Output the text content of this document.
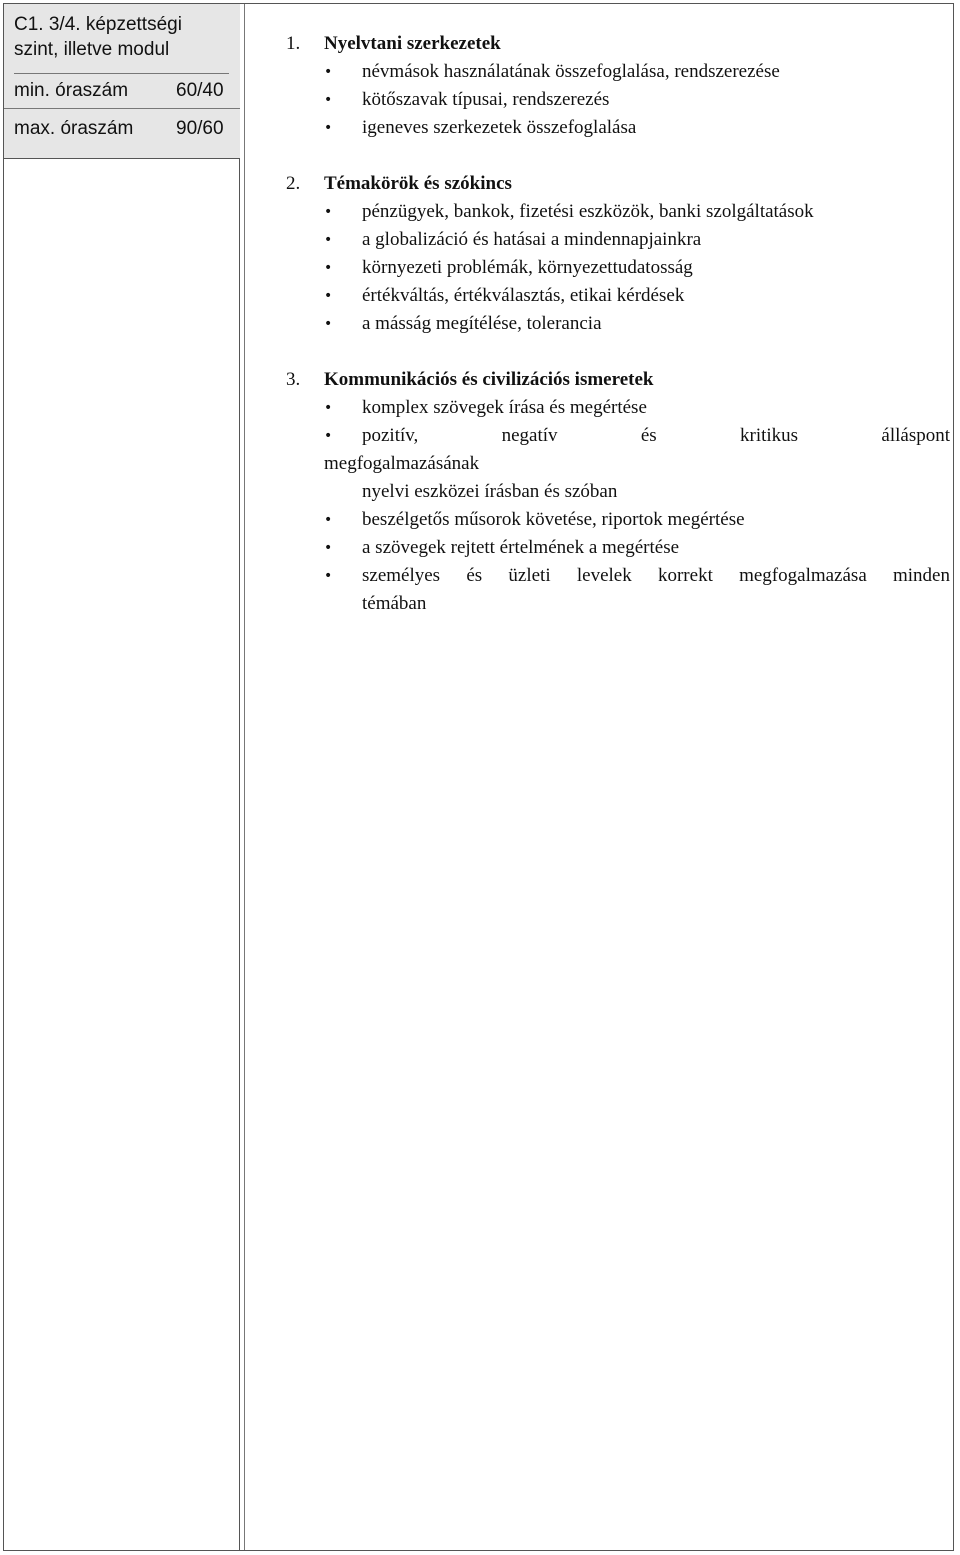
C1. 3/4. képzettségi szint, illetve modul
min. óraszám	60/40
max. óraszám 90/60
1.	Nyelvtani szerkezetek
• névmások használatának összefoglalása, rendszerezése
• kötőszavak típusai, rendszerezés
• igeneves szerkezetek összefoglalása
2.	Témakörök és szókincs
• pénzügyek, bankok, fizetési eszközök, banki szolgáltatások
• a globalizáció és hatásai a mindennapjainkra
• környezeti problémák, környezettudatosság
• értékváltás, értékválasztás, etikai kérdések
• a másság megítélése, tolerancia
3.	Kommunikációs és civilizációs ismeretek
• komplex szövegek írása és megértése
• pozitív, negatív és kritikus álláspont
megfogalmazásának
nyelvi eszközei írásban és szóban
• beszélgetős műsorok követése, riportok megértése
• a szövegek rejtett értelmének a megértése
• személyes és üzleti levelek korrekt megfogalmazása minden
témában
